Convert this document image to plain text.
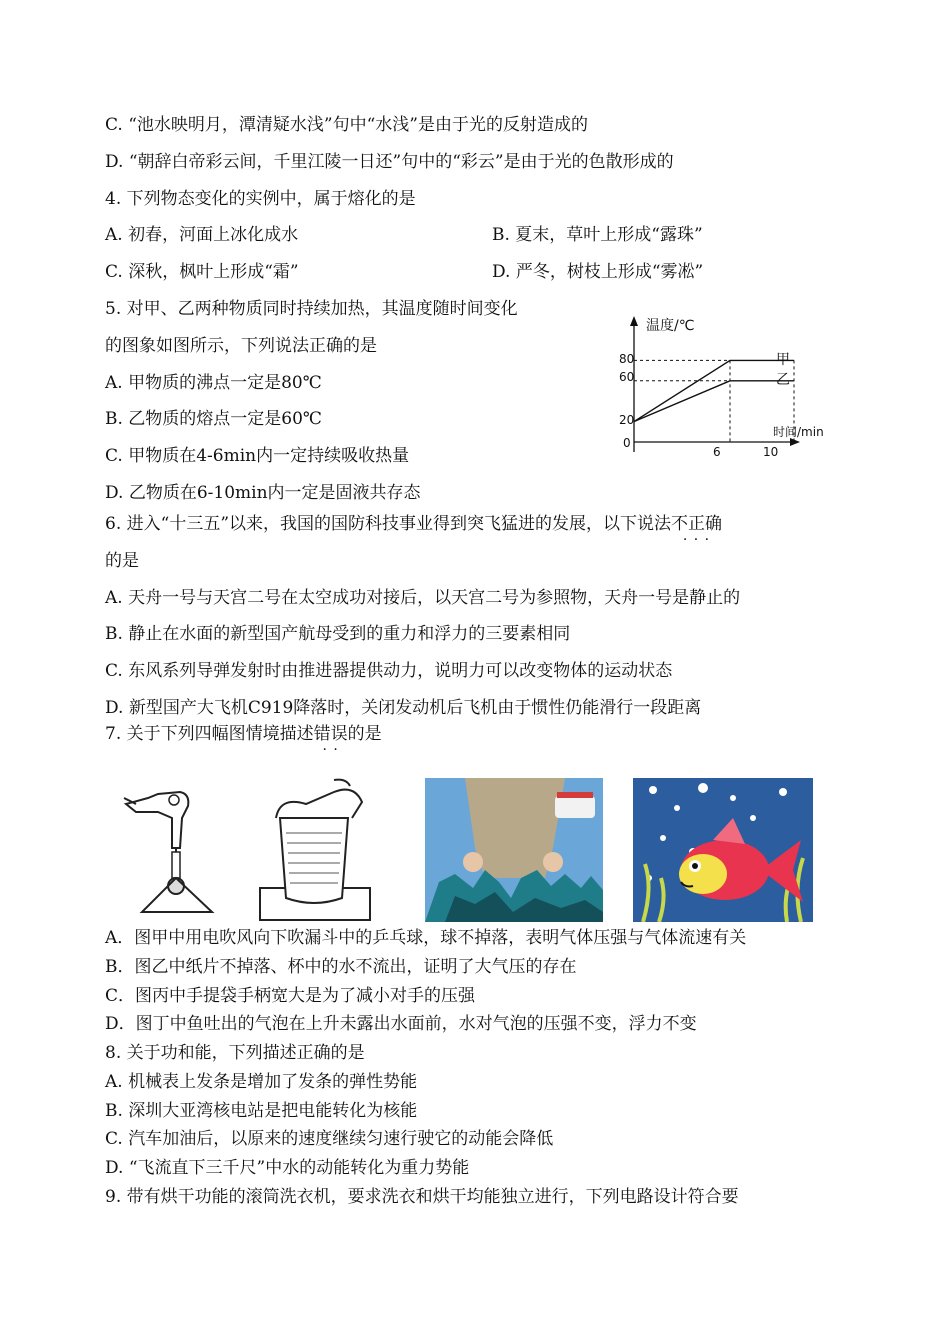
C. “池水映明月，潭清疑水浅”句中“水浅”是由于光的反射造成的
D. “朝辞白帝彩云间，千里江陵一日还”句中的“彩云”是由于光的色散形成的
4. 下列物态变化的实例中，属于熔化的是
A. 初春，河面上冰化成水	B. 夏末，草叶上形成“露珠”
C. 深秋，枫叶上形成“霜”	D. 严冬，树枝上形成“雾凇”
5. 对甲、乙两种物质同时持续加热，其温度随时间变化
的图象如图所示，下列说法正确的是
A. 甲物质的沸点一定是80℃
B. 乙物质的熔点一定是60℃
C. 甲物质在4-6min内一定持续吸收热量
D. 乙物质在6-10min内一定是固液共存态
温度/℃
时间/min
80
60
20
0
6	10
甲
乙
6. 进入“十三五”以来，我国的国防科技事业得到突飞猛进的发展，以下说法不正确 · · ·
的是
A. 天舟一号与天宫二号在太空成功对接后，以天宫二号为参照物，天舟一号是静止的
B. 静止在水面的新型国产航母受到的重力和浮力的三要素相同
C. 东风系列导弹发射时由推进器提供动力，说明力可以改变物体的运动状态
D. 新型国产大飞机C919降落时，关闭发动机后飞机由于惯性仍能滑行一段距离
7. 关于下列四幅图情境描述错误 · ·的是
A．图甲中用电吹风向下吹漏斗中的乒乓球，球不掉落，表明气体压强与气体流速有关
B．图乙中纸片不掉落、杯中的水不流出，证明了大气压的存在
C．图丙中手提袋手柄宽大是为了减小对手的压强
D．图丁中鱼吐出的气泡在上升未露出水面前，水对气泡的压强不变，浮力不变
8. 关于功和能，下列描述正确的是
A. 机械表上发条是增加了发条的弹性势能
B. 深圳大亚湾核电站是把电能转化为核能
C. 汽车加油后，以原来的速度继续匀速行驶它的动能会降低
D. “飞流直下三千尺”中水的动能转化为重力势能
9. 带有烘干功能的滚筒洗衣机，要求洗衣和烘干均能独立进行，下列电路设计符合要
